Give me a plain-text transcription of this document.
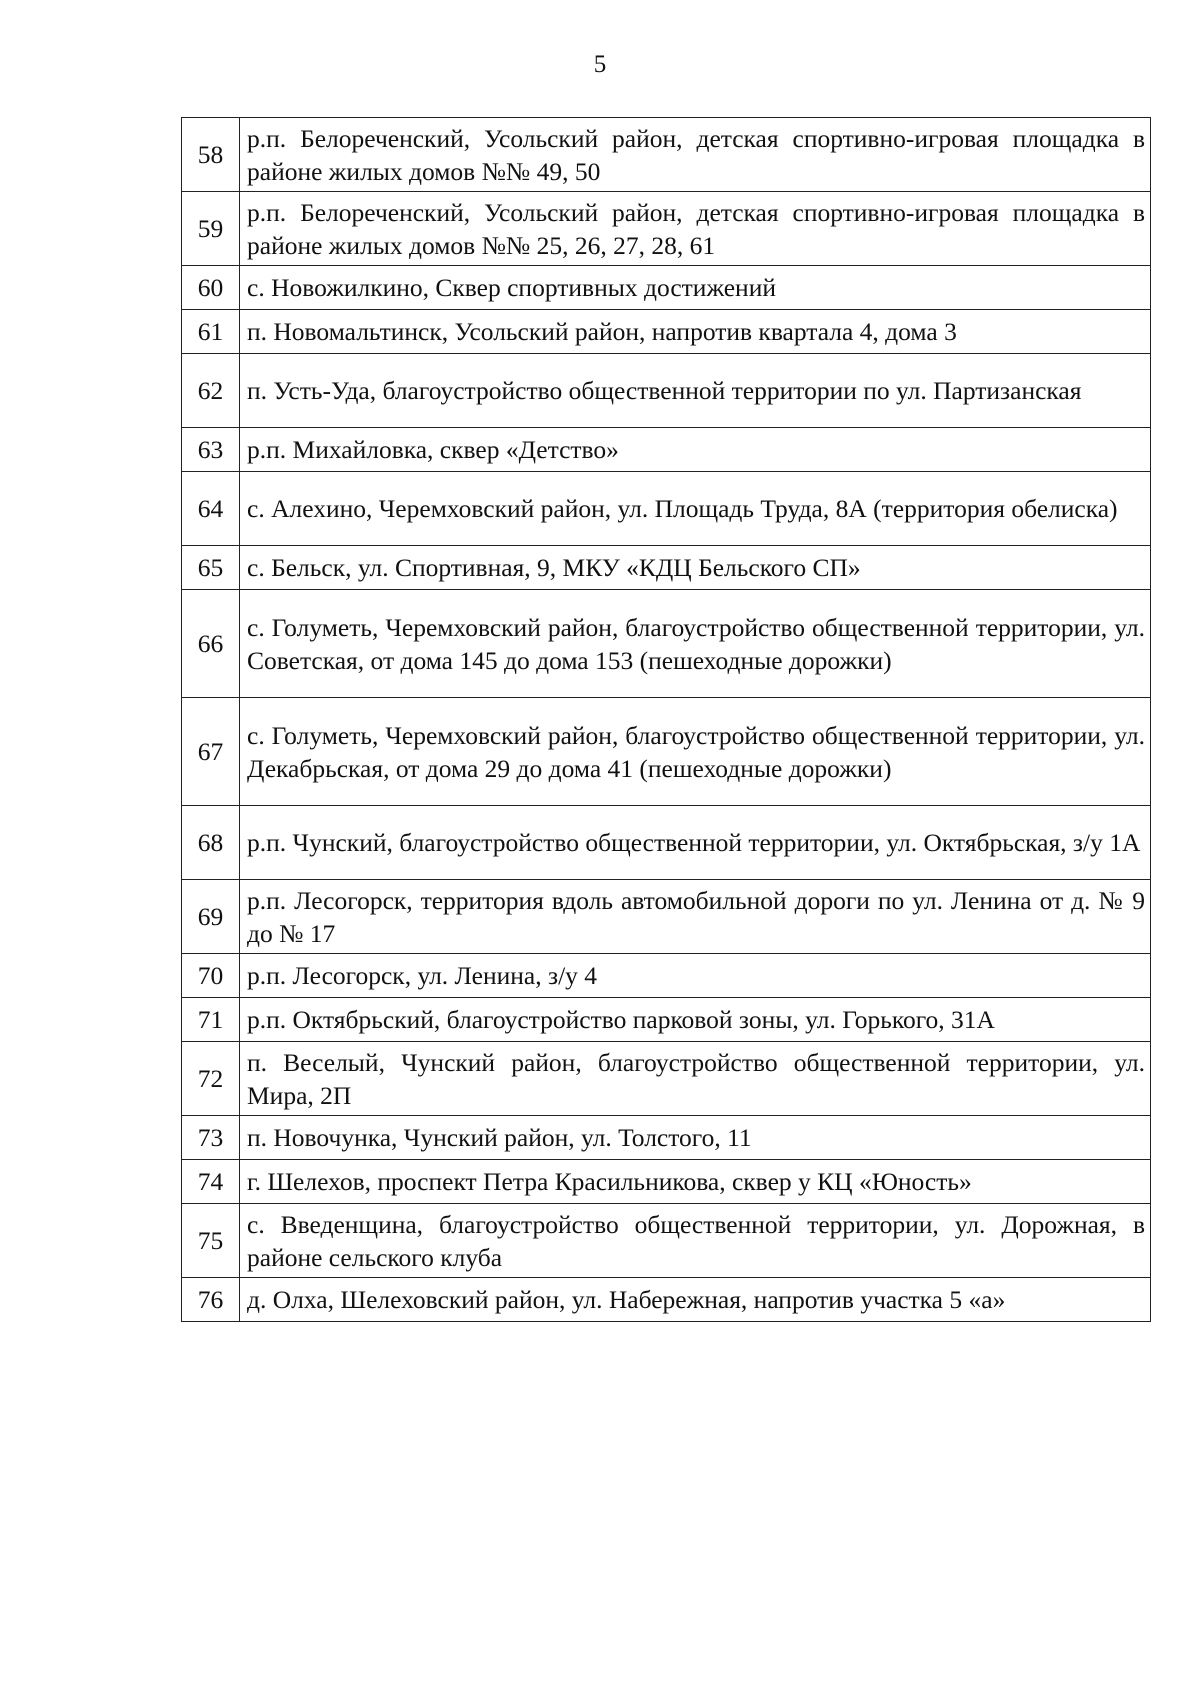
5
58	р.п. Белореченский, Усольский район, детская спортивно-игровая площадка в районе жилых домов №№ 49, 50
59	р.п. Белореченский, Усольский район, детская спортивно-игровая площадка в районе жилых домов №№ 25, 26, 27, 28, 61
60	с. Новожилкино, Сквер спортивных достижений
61	п. Новомальтинск, Усольский район, напротив квартала 4, дома 3
62	п. Усть-Уда, благоустройство общественной территории по ул. Партизанская
63	р.п. Михайловка, сквер «Детство»
64	с. Алехино, Черемховский район, ул. Площадь Труда, 8А (территория обелиска)
65	с. Бельск, ул. Спортивная, 9, МКУ «КДЦ Бельского СП»
66	с. Голуметь, Черемховский район, благоустройство общественной территории, ул. Советская, от дома 145 до дома 153 (пешеходные дорожки)
67	с. Голуметь, Черемховский район, благоустройство общественной территории, ул. Декабрьская, от дома 29 до дома 41 (пешеходные дорожки)
68	р.п. Чунский, благоустройство общественной территории, ул. Октябрьская, з/у 1А
69	р.п. Лесогорск, территория вдоль автомобильной дороги по ул. Ленина от д. № 9 до № 17
70	р.п. Лесогорск, ул. Ленина, з/у 4
71	р.п. Октябрьский, благоустройство парковой зоны, ул. Горького, 31А
72	п. Веселый, Чунский район, благоустройство общественной территории, ул. Мира, 2П
73	п. Новочунка, Чунский район, ул. Толстого, 11
74	г. Шелехов, проспект Петра Красильникова, сквер у КЦ «Юность»
75	с. Введенщина, благоустройство общественной территории, ул. Дорожная, в районе сельского клуба
76	д. Олха, Шелеховский район, ул. Набережная, напротив участка 5 «а»
